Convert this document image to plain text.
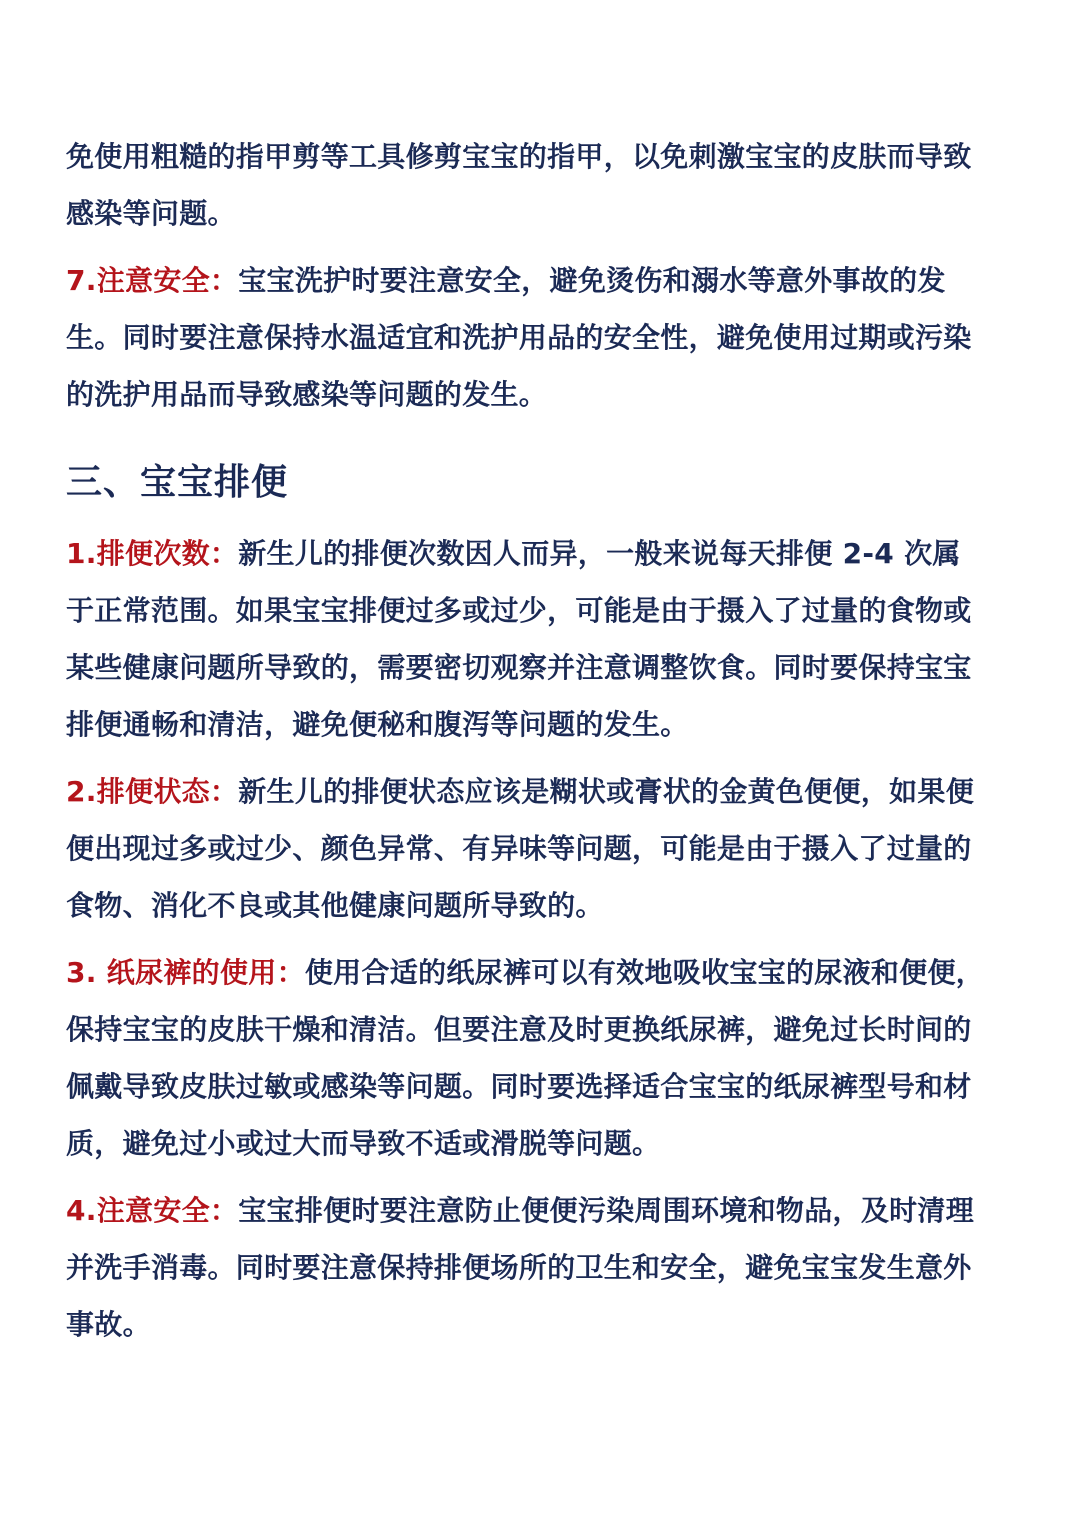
免使用粗糙的指甲剪等工具修剪宝宝的指甲，以免刺激宝宝的皮肤而导致感染等问题。

7.注意安全：宝宝洗护时要注意安全，避免烫伤和溺水等意外事故的发生。同时要注意保持水温适宜和洗护用品的安全性，避免使用过期或污染的洗护用品而导致感染等问题的发生。

三、宝宝排便

1.排便次数：新生儿的排便次数因人而异，一般来说每天排便 2-4 次属于正常范围。如果宝宝排便过多或过少，可能是由于摄入了过量的食物或某些健康问题所导致的，需要密切观察并注意调整饮食。同时要保持宝宝排便通畅和清洁，避免便秘和腹泻等问题的发生。

2.排便状态：新生儿的排便状态应该是糊状或膏状的金黄色便便，如果便便出现过多或过少、颜色异常、有异味等问题，可能是由于摄入了过量的食物、消化不良或其他健康问题所导致的。

3. 纸尿裤的使用：使用合适的纸尿裤可以有效地吸收宝宝的尿液和便便，保持宝宝的皮肤干燥和清洁。但要注意及时更换纸尿裤，避免过长时间的佩戴导致皮肤过敏或感染等问题。同时要选择适合宝宝的纸尿裤型号和材质，避免过小或过大而导致不适或滑脱等问题。

4.注意安全：宝宝排便时要注意防止便便污染周围环境和物品，及时清理并洗手消毒。同时要注意保持排便场所的卫生和安全，避免宝宝发生意外事故。
